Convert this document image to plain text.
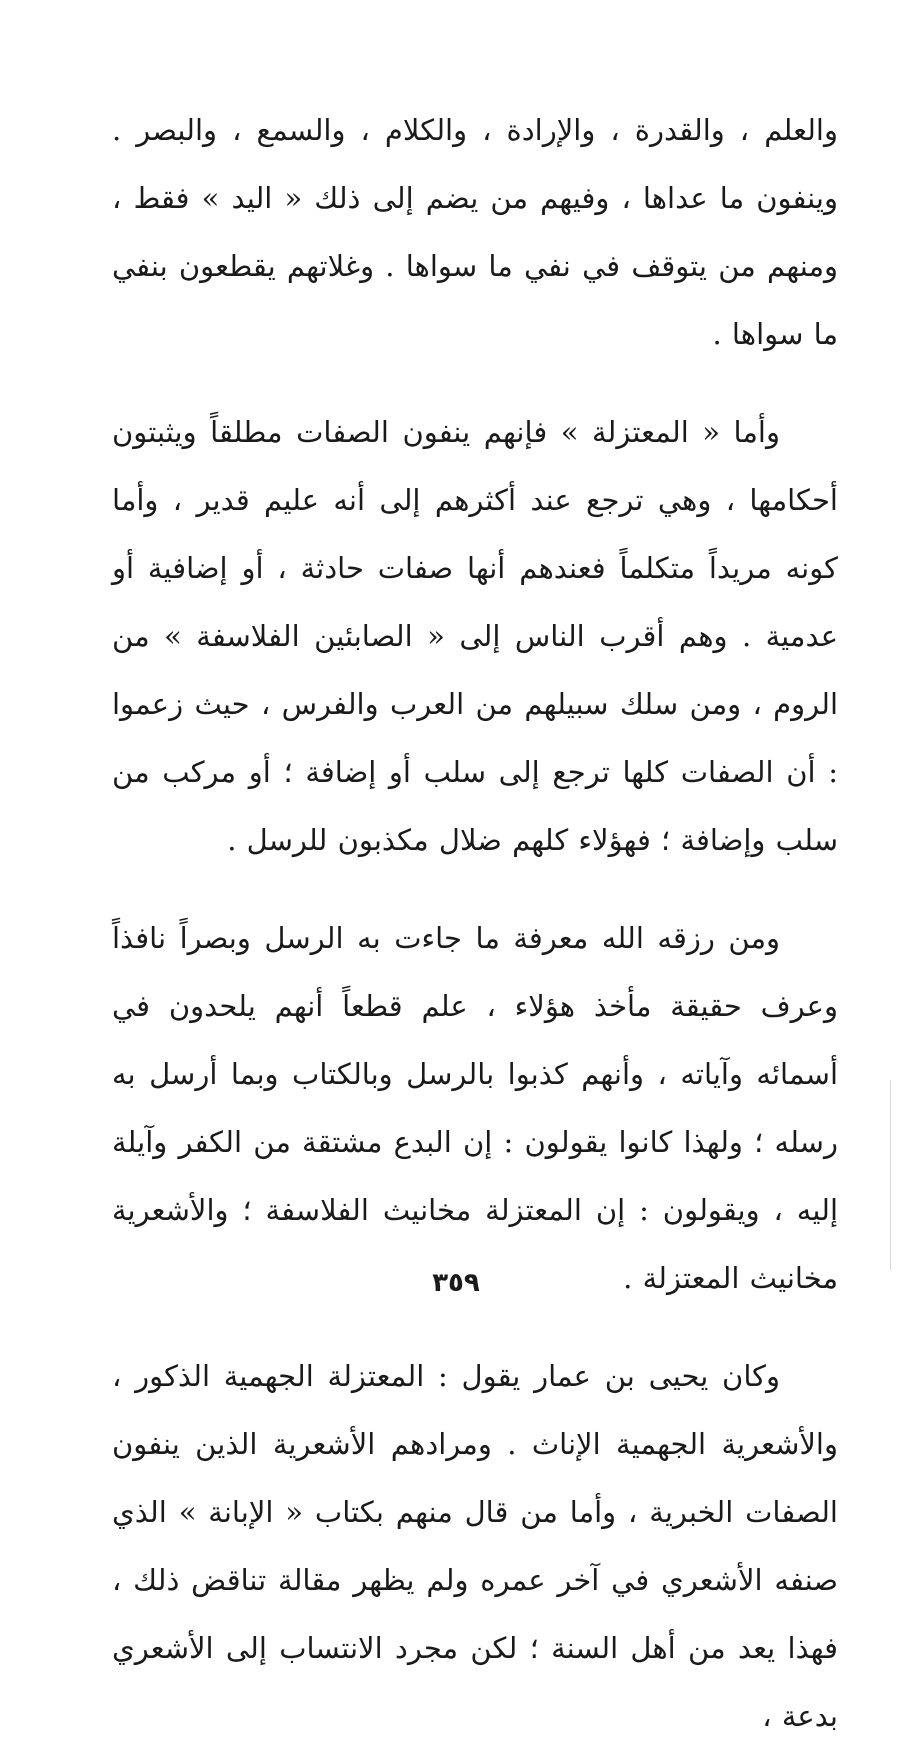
والعلم ، والقدرة ، والإرادة ، والكلام ، والسمع ، والبصر . وينفون ما عداها ، وفيهم من يضم إلى ذلك « اليد » فقط ، ومنهم من يتوقف في نفي ما سواها . وغلاتهم يقطعون بنفي ما سواها .

وأما « المعتزلة » فإنهم ينفون الصفات مطلقاً ويثبتون أحكامها ، وهي ترجع عند أكثرهم إلى أنه عليم قدير ، وأما كونه مريداً متكلماً فعندهم أنها صفات حادثة ، أو إضافية أو عدمية . وهم أقرب الناس إلى « الصابئين الفلاسفة » من الروم ، ومن سلك سبيلهم من العرب والفرس ، حيث زعموا : أن الصفات كلها ترجع إلى سلب أو إضافة ؛ أو مركب من سلب وإضافة ؛ فهؤلاء كلهم ضلال مكذبون للرسل .

ومن رزقه الله معرفة ما جاءت به الرسل وبصراً نافذاً وعرف حقيقة مأخذ هؤلاء ، علم قطعاً أنهم يلحدون في أسمائه وآياته ، وأنهم كذبوا بالرسل وبالكتاب وبما أرسل به رسله ؛ ولهذا كانوا يقولون : إن البدع مشتقة من الكفر وآيلة إليه ، ويقولون : إن المعتزلة مخانيث الفلاسفة ؛ والأشعرية مخانيث المعتزلة .

وكان يحيى بن عمار يقول : المعتزلة الجهمية الذكور ، والأشعرية الجهمية الإناث . ومرادهم الأشعرية الذين ينفون الصفات الخبرية ، وأما من قال منهم بكتاب « الإبانة » الذي صنفه الأشعري في آخر عمره ولم يظهر مقالة تناقض ذلك ، فهذا يعد من أهل السنة ؛ لكن مجرد الانتساب إلى الأشعري بدعة ،

٣٥٩
